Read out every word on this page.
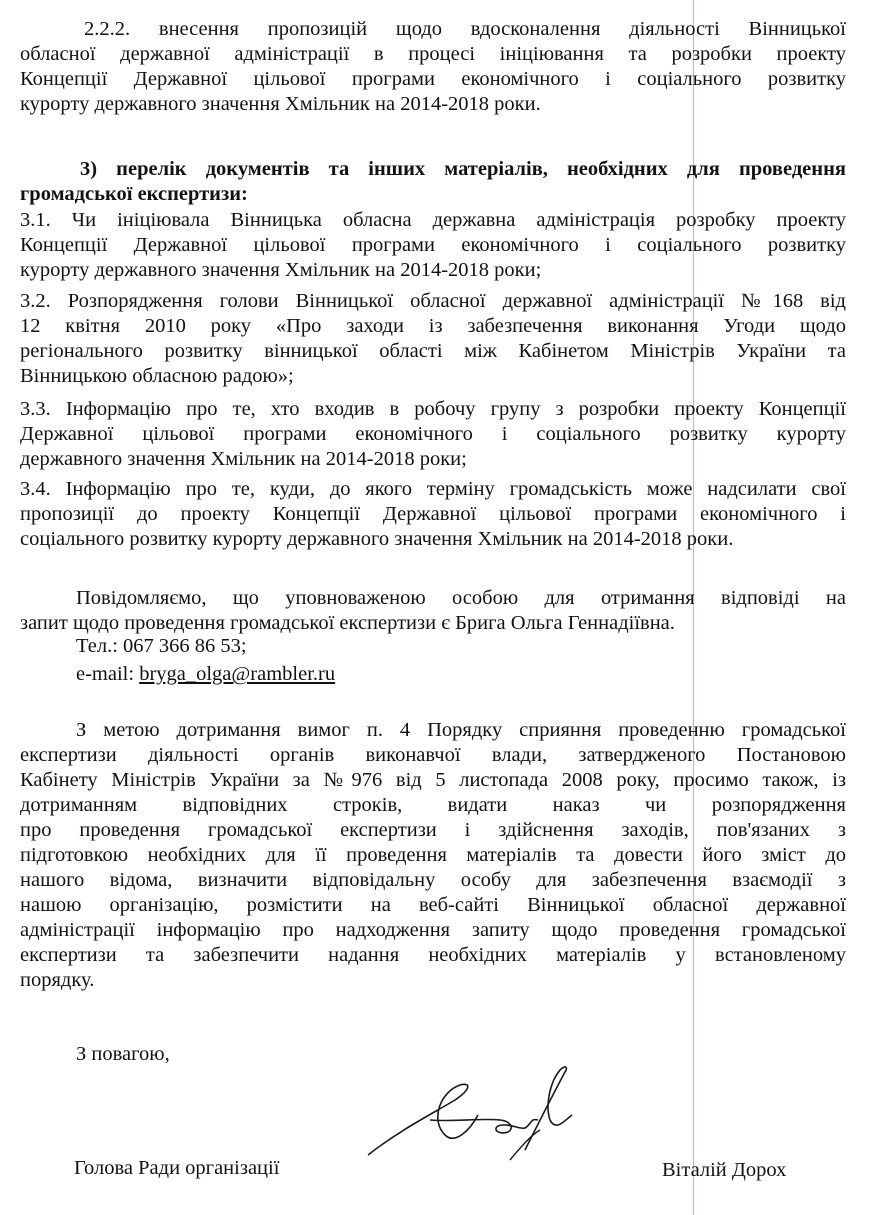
2.2.2. внесення пропозицій щодо вдосконалення діяльності Вінницької
обласної державної адміністрації в процесі ініціювання та розробки проекту
Концепції Державної цільової програми економічного і соціального розвитку
курорту державного значення Хмільник на 2014-2018 роки.
3) перелік документів та інших матеріалів, необхідних для проведення
громадської експертизи:
3.1. Чи ініціювала Вінницька обласна державна адміністрація розробку проекту
Концепції Державної цільової програми економічного і соціального розвитку
курорту державного значення Хмільник на 2014-2018 роки;
3.2. Розпорядження голови Вінницької обласної державної адміністрації №168 від
12 квітня 2010 року «Про заходи із забезпечення виконання Угоди щодо
регіонального розвитку вінницької області між Кабінетом Міністрів України та
Вінницькою обласною радою»;
3.3. Інформацію про те, хто входив в робочу групу з розробки проекту Концепції
Державної цільової програми економічного і соціального розвитку курорту
державного значення Хмільник на 2014-2018 роки;
3.4. Інформацію про те, куди, до якого терміну громадськість може надсилати свої
пропозиції до проекту Концепції Державної цільової програми економічного і
соціального розвитку курорту державного значення Хмільник на 2014-2018 роки.
Повідомляємо, що уповноваженою особою для отримання відповіді на
запит щодо проведення громадської експертизи є Брига Ольга Геннадіївна.

Тел.: 067 366 86 53;

e-mail: bryga_olga@rambler.ru

З метою дотримання вимог п. 4 Порядку сприяння проведенню громадської
експертизи діяльності органів виконавчої влади, затвердженого Постановою
Кабінету Міністрів України за №976 від 5 листопада 2008 року, просимо також, із
дотриманням відповідних строків, видати наказ чи розпорядження
про проведення громадської експертизи і здійснення заходів, пов'язаних з
підготовкою необхідних для її проведення матеріалів та довести його зміст до
нашого відома, визначити відповідальну особу для забезпечення взаємодії з
нашою організацію, розмістити на веб-сайті Вінницької обласної державної
адміністрації інформацію про надходження запиту щодо проведення громадської
експертизи та забезпечити надання необхідних матеріалів у встановленому
порядку.

З повагою,

Голова Ради організації	Віталій Дорох
